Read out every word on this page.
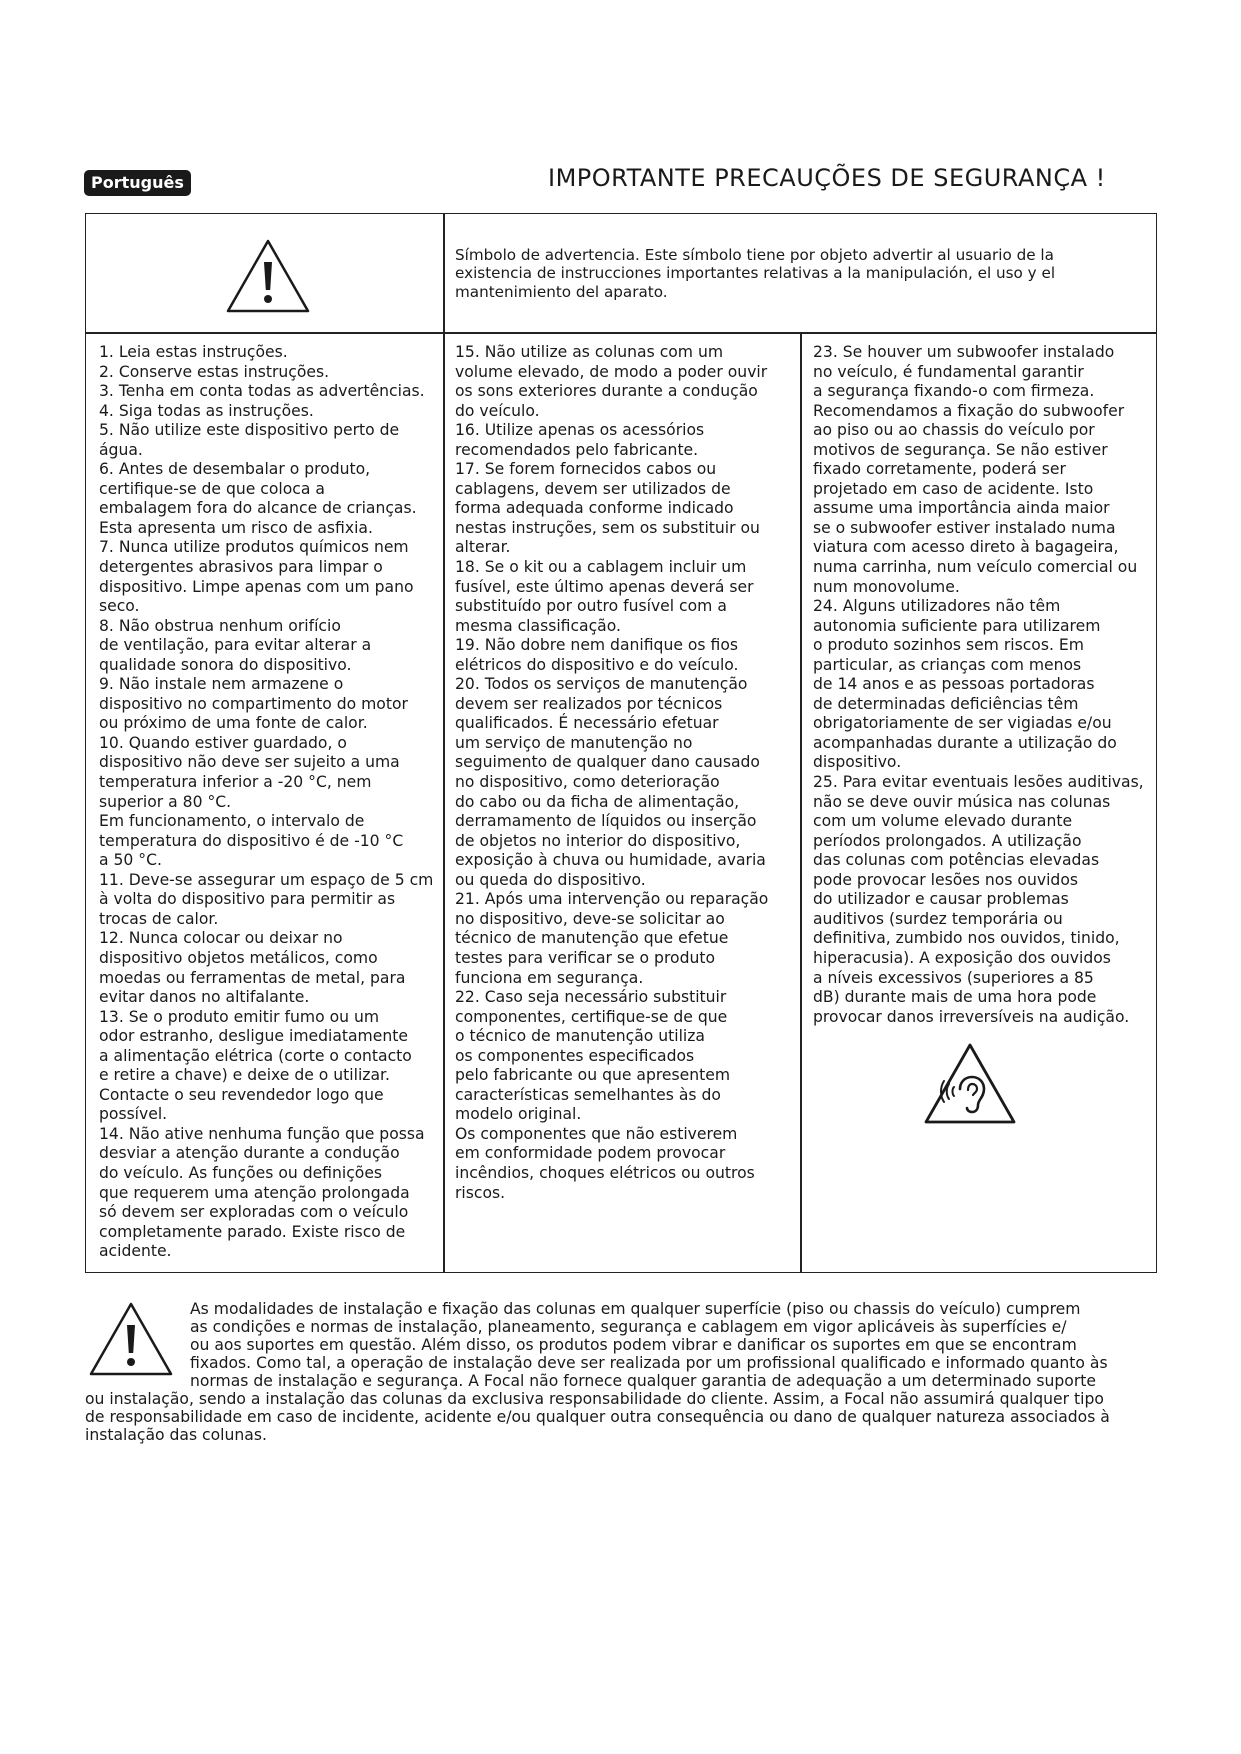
Português	IMPORTANTE PRECAUÇÕES DE SEGURANÇA !
Símbolo de advertencia. Este símbolo tiene por objeto advertir al usuario de la
existencia de instrucciones importantes relativas a la manipulación, el uso y el
mantenimiento del aparato.
1. Leia estas instruções.
2. Conserve estas instruções.
3. Tenha em conta todas as advertências.
4. Siga todas as instruções.
5. Não utilize este dispositivo perto de
água.
6. Antes de desembalar o produto,
certifique-se de que coloca a
embalagem fora do alcance de crianças.
Esta apresenta um risco de asfixia.
7. Nunca utilize produtos químicos nem
detergentes abrasivos para limpar o
dispositivo. Limpe apenas com um pano
seco.
8. Não obstrua nenhum orifício
de ventilação, para evitar alterar a
qualidade sonora do dispositivo.
9. Não instale nem armazene o
dispositivo no compartimento do motor
ou próximo de uma fonte de calor.
10. Quando estiver guardado, o
dispositivo não deve ser sujeito a uma
temperatura inferior a -20 °C, nem
superior a 80 °C.
Em funcionamento, o intervalo de
temperatura do dispositivo é de -10 °C
a 50 °C.
11. Deve-se assegurar um espaço de 5 cm
à volta do dispositivo para permitir as
trocas de calor.
12. Nunca colocar ou deixar no
dispositivo objetos metálicos, como
moedas ou ferramentas de metal, para
evitar danos no altifalante.
13. Se o produto emitir fumo ou um
odor estranho, desligue imediatamente
a alimentação elétrica (corte o contacto
e retire a chave) e deixe de o utilizar.
Contacte o seu revendedor logo que
possível.
14. Não ative nenhuma função que possa
desviar a atenção durante a condução
do veículo. As funções ou definições
que requerem uma atenção prolongada
só devem ser exploradas com o veículo
completamente parado. Existe risco de
acidente.
15. Não utilize as colunas com um
volume elevado, de modo a poder ouvir
os sons exteriores durante a condução
do veículo.
16. Utilize apenas os acessórios
recomendados pelo fabricante.
17. Se forem fornecidos cabos ou
cablagens, devem ser utilizados de
forma adequada conforme indicado
nestas instruções, sem os substituir ou
alterar.
18. Se o kit ou a cablagem incluir um
fusível, este último apenas deverá ser
substituído por outro fusível com a
mesma classificação.
19. Não dobre nem danifique os fios
elétricos do dispositivo e do veículo.
20. Todos os serviços de manutenção
devem ser realizados por técnicos
qualificados. É necessário efetuar
um serviço de manutenção no
seguimento de qualquer dano causado
no dispositivo, como deterioração
do cabo ou da ficha de alimentação,
derramamento de líquidos ou inserção
de objetos no interior do dispositivo,
exposição à chuva ou humidade, avaria
ou queda do dispositivo.
21. Após uma intervenção ou reparação
no dispositivo, deve-se solicitar ao
técnico de manutenção que efetue
testes para verificar se o produto
funciona em segurança.
22. Caso seja necessário substituir
componentes, certifique-se de que
o técnico de manutenção utiliza
os componentes especificados
pelo fabricante ou que apresentem
características semelhantes às do
modelo original.
Os componentes que não estiverem
em conformidade podem provocar
incêndios, choques elétricos ou outros
riscos.
23. Se houver um subwoofer instalado
no veículo, é fundamental garantir
a segurança fixando-o com firmeza.
Recomendamos a fixação do subwoofer
ao piso ou ao chassis do veículo por
motivos de segurança. Se não estiver
fixado corretamente, poderá ser
projetado em caso de acidente. Isto
assume uma importância ainda maior
se o subwoofer estiver instalado numa
viatura com acesso direto à bagageira,
numa carrinha, num veículo comercial ou
num monovolume.
24. Alguns utilizadores não têm
autonomia suficiente para utilizarem
o produto sozinhos sem riscos. Em
particular, as crianças com menos
de 14 anos e as pessoas portadoras
de determinadas deficiências têm
obrigatoriamente de ser vigiadas e/ou
acompanhadas durante a utilização do
dispositivo.
25. Para evitar eventuais lesões auditivas,
não se deve ouvir música nas colunas
com um volume elevado durante
períodos prolongados. A utilização
das colunas com potências elevadas
pode provocar lesões nos ouvidos
do utilizador e causar problemas
auditivos (surdez temporária ou
definitiva, zumbido nos ouvidos, tinido,
hiperacusia). A exposição dos ouvidos
a níveis excessivos (superiores a 85
dB) durante mais de uma hora pode
provocar danos irreversíveis na audição.
As modalidades de instalação e fixação das colunas em qualquer superfície (piso ou chassis do veículo) cumprem
as condições e normas de instalação, planeamento, segurança e cablagem em vigor aplicáveis às superfícies e/
ou aos suportes em questão. Além disso, os produtos podem vibrar e danificar os suportes em que se encontram
fixados. Como tal, a operação de instalação deve ser realizada por um profissional qualificado e informado quanto às
normas de instalação e segurança. A Focal não fornece qualquer garantia de adequação a um determinado suporte
ou instalação, sendo a instalação das colunas da exclusiva responsabilidade do cliente. Assim, a Focal não assumirá qualquer tipo
de responsabilidade em caso de incidente, acidente e/ou qualquer outra consequência ou dano de qualquer natureza associados à
instalação das colunas.
